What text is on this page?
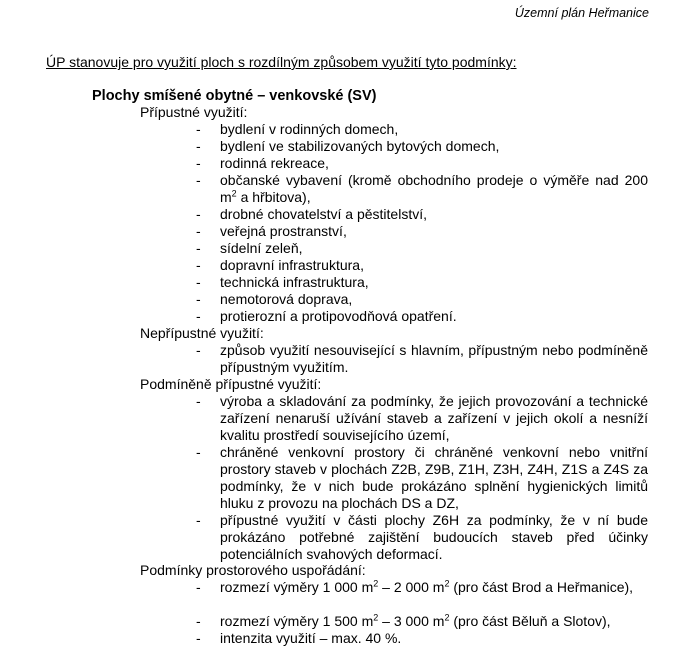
Územní plán Heřmanice
ÚP stanovuje pro využití ploch s rozdílným způsobem využití tyto podmínky:
Plochy smíšené obytné – venkovské (SV)
Přípustné využití:
- bydlení v rodinných domech,
- bydlení ve stabilizovaných bytových domech,
- rodinná rekreace,
- občanské vybavení (kromě obchodního prodeje o výměře nad 200 $m^2$ a hřbitova),
- drobné chovatelství a pěstitelství,
- veřejná prostranství,
- sídelní zeleň,
- dopravní infrastruktura,
- technická infrastruktura,
- nemotorová doprava,
- protierozní a protipovodňová opatření.
Nepřípustné využití:
- způsob využití nesouvisející s hlavním, přípustným nebo podmíněně přípustným využitím.
Podmíněně přípustné využití:
- výroba a skladování za podmínky, že jejich provozování a technické zařízení nenaruší užívání staveb a zařízení v jejich okolí a nesníží kvalitu prostředí souvisejícího území,
- chráněné venkovní prostory či chráněné venkovní nebo vnitřní prostory staveb v plochách Z2B, Z9B, Z1H, Z3H, Z4H, Z1S a Z4S za podmínky, že v nich bude prokázáno splnění hygienických limitů hluku z provozu na plochách DS a DZ,
- přípustné využití v části plochy Z6H za podmínky, že v ní bude prokázáno potřebné zajištění budoucích staveb před účinky potenciálních svahových deformací.
Podmínky prostorového uspořádání:
- rozmezí výměry 1 000 $m^2 - 2$ 000 $m^2$ (pro část Brod a Heřmanice),
- rozmezí výměry 1 500 $m^2 - 3$ 000 $m^2$ (pro část Běluň a Slotov),
- intenzita využití – max. 40 %.
